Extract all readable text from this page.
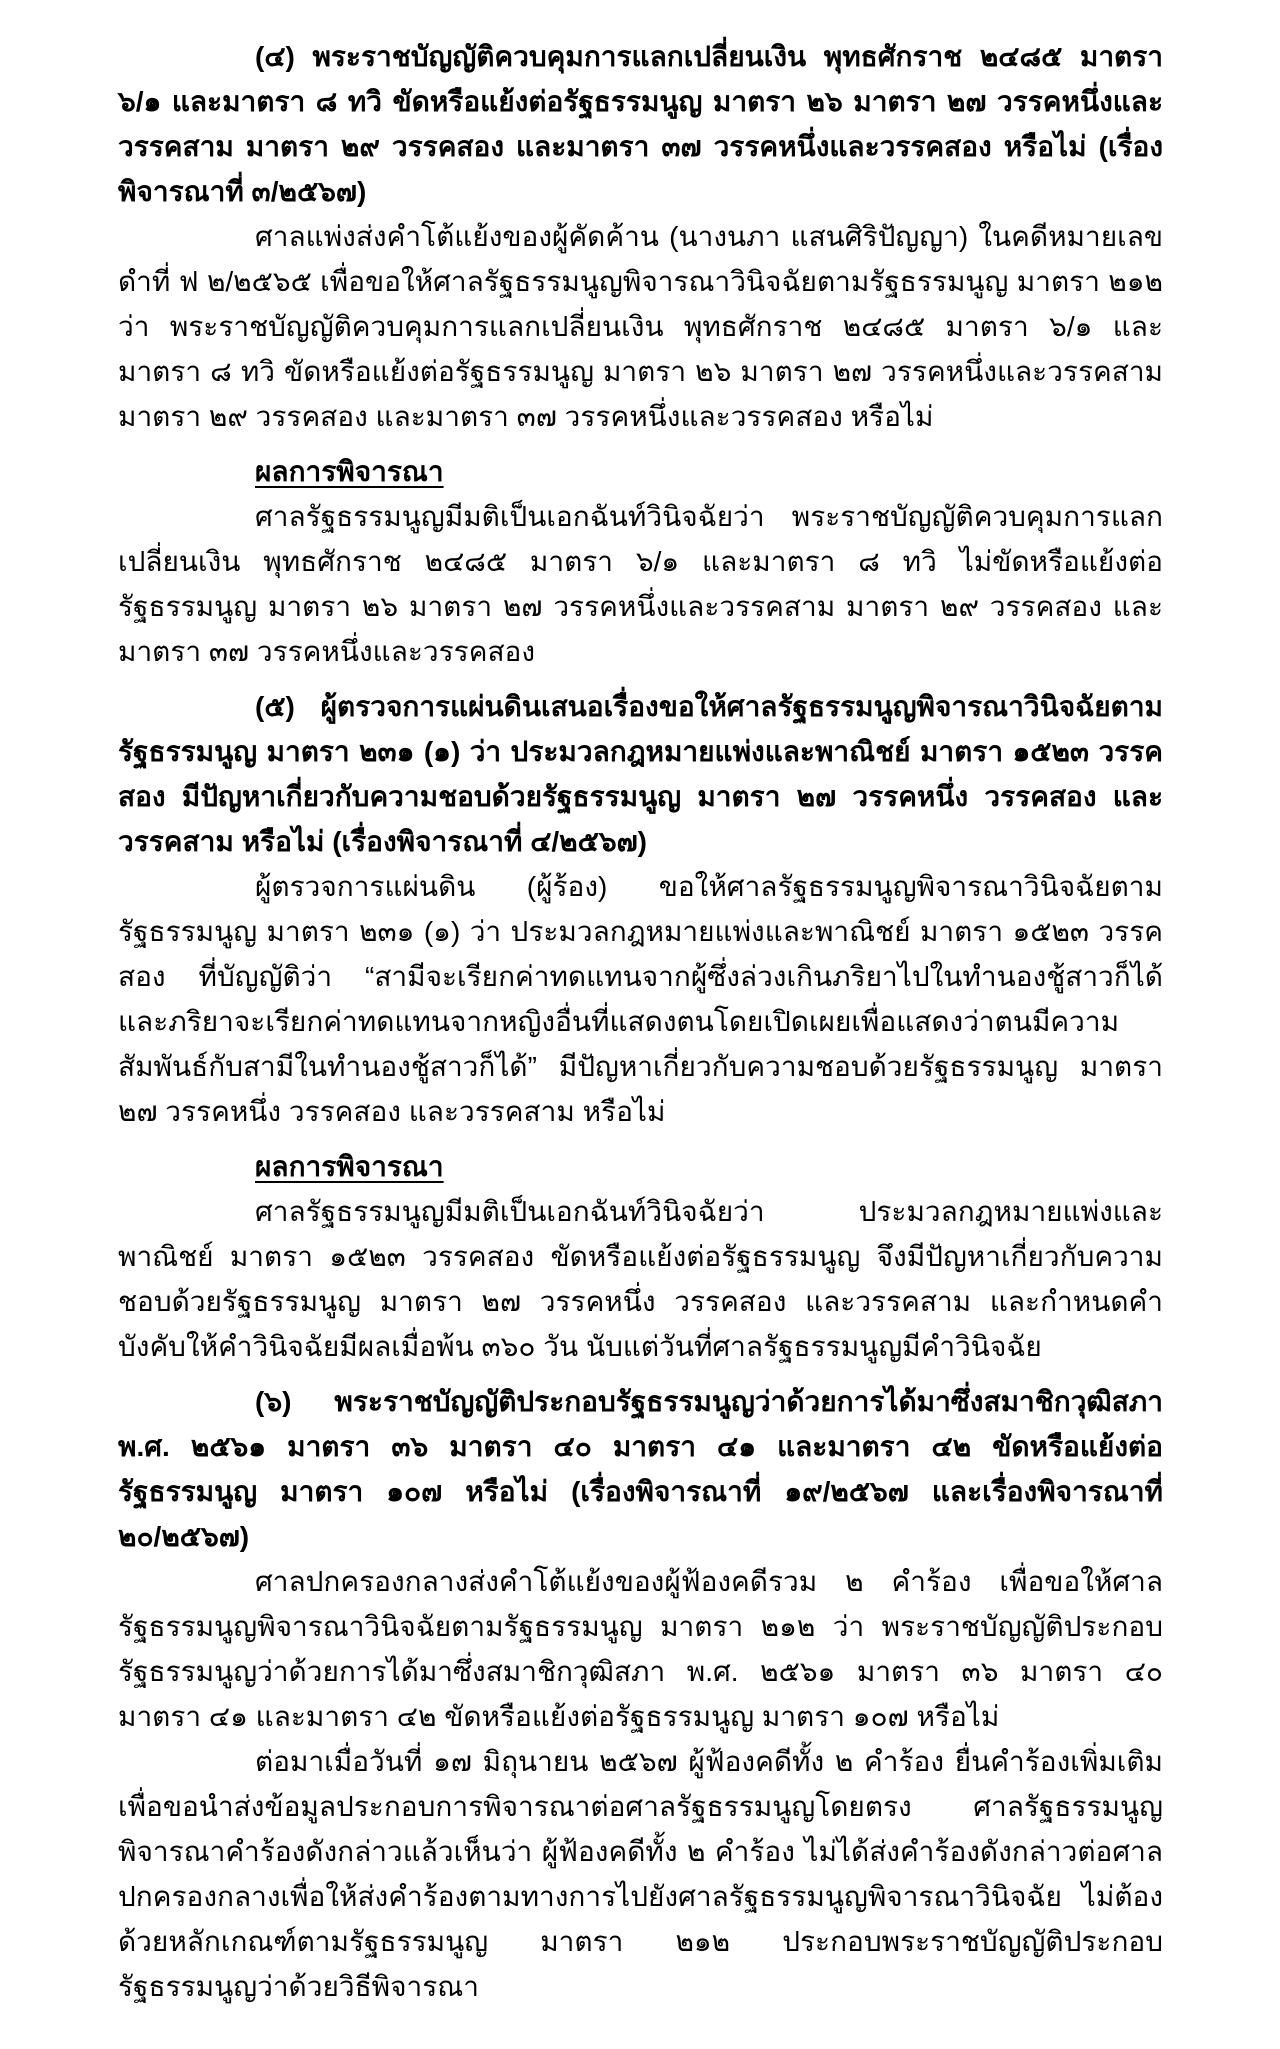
(๔) พระราชบัญญัติควบคุมการแลกเปลี่ยนเงิน พุทธศักราช ๒๔๘๕ มาตรา ๖/๑ และมาตรา ๘ ทวิ ขัดหรือแย้งต่อรัฐธรรมนูญ มาตรา ๒๖ มาตรา ๒๗ วรรคหนึ่งและวรรคสาม มาตรา ๒๙ วรรคสอง และมาตรา ๓๗ วรรคหนึ่งและวรรคสอง หรือไม่ (เรื่องพิจารณาที่ ๓/๒๕๖๗)

ศาลแพ่งส่งคำโต้แย้งของผู้คัดค้าน (นางนภา แสนศิริปัญญา) ในคดีหมายเลขดำที่ ฟ ๒/๒๕๖๕ เพื่อขอให้ศาลรัฐธรรมนูญพิจารณาวินิจฉัยตามรัฐธรรมนูญ มาตรา ๒๑๒ ว่า พระราชบัญญัติควบคุมการแลกเปลี่ยนเงิน พุทธศักราช ๒๔๘๕ มาตรา ๖/๑ และมาตรา ๘ ทวิ ขัดหรือแย้งต่อรัฐธรรมนูญ มาตรา ๒๖ มาตรา ๒๗ วรรคหนึ่งและวรรคสาม มาตรา ๒๙ วรรคสอง และมาตรา ๓๗ วรรคหนึ่งและวรรคสอง หรือไม่

ผลการพิจารณา

ศาลรัฐธรรมนูญมีมติเป็นเอกฉันท์วินิจฉัยว่า พระราชบัญญัติควบคุมการแลกเปลี่ยนเงิน พุทธศักราช ๒๔๘๕ มาตรา ๖/๑ และมาตรา ๘ ทวิ ไม่ขัดหรือแย้งต่อรัฐธรรมนูญ มาตรา ๒๖ มาตรา ๒๗ วรรคหนึ่งและวรรคสาม มาตรา ๒๙ วรรคสอง และมาตรา ๓๗ วรรคหนึ่งและวรรคสอง

(๕) ผู้ตรวจการแผ่นดินเสนอเรื่องขอให้ศาลรัฐธรรมนูญพิจารณาวินิจฉัยตามรัฐธรรมนูญ มาตรา ๒๓๑ (๑) ว่า ประมวลกฎหมายแพ่งและพาณิชย์ มาตรา ๑๕๒๓ วรรคสอง มีปัญหาเกี่ยวกับความชอบด้วยรัฐธรรมนูญ มาตรา ๒๗ วรรคหนึ่ง วรรคสอง และวรรคสาม หรือไม่ (เรื่องพิจารณาที่ ๔/๒๕๖๗)

ผู้ตรวจการแผ่นดิน (ผู้ร้อง) ขอให้ศาลรัฐธรรมนูญพิจารณาวินิจฉัยตามรัฐธรรมนูญ มาตรา ๒๓๑ (๑) ว่า ประมวลกฎหมายแพ่งและพาณิชย์ มาตรา ๑๕๒๓ วรรคสอง ที่บัญญัติว่า “สามีจะเรียกค่าทดแทนจากผู้ซึ่งล่วงเกินภริยาไปในทำนองชู้สาวก็ได้ และภริยาจะเรียกค่าทดแทนจากหญิงอื่นที่แสดงตนโดยเปิดเผยเพื่อแสดงว่าตนมีความสัมพันธ์กับสามีในทำนองชู้สาวก็ได้” มีปัญหาเกี่ยวกับความชอบด้วยรัฐธรรมนูญ มาตรา ๒๗ วรรคหนึ่ง วรรคสอง และวรรคสาม หรือไม่

ผลการพิจารณา

ศาลรัฐธรรมนูญมีมติเป็นเอกฉันท์วินิจฉัยว่า ประมวลกฎหมายแพ่งและพาณิชย์ มาตรา ๑๕๒๓ วรรคสอง ขัดหรือแย้งต่อรัฐธรรมนูญ จึงมีปัญหาเกี่ยวกับความชอบด้วยรัฐธรรมนูญ มาตรา ๒๗ วรรคหนึ่ง วรรคสอง และวรรคสาม และกำหนดคำบังคับให้คำวินิจฉัยมีผลเมื่อพ้น ๓๖๐ วัน นับแต่วันที่ศาลรัฐธรรมนูญมีคำวินิจฉัย

(๖) พระราชบัญญัติประกอบรัฐธรรมนูญว่าด้วยการได้มาซึ่งสมาชิกวุฒิสภา พ.ศ. ๒๕๖๑ มาตรา ๓๖ มาตรา ๔๐ มาตรา ๔๑ และมาตรา ๔๒ ขัดหรือแย้งต่อรัฐธรรมนูญ มาตรา ๑๐๗ หรือไม่ (เรื่องพิจารณาที่ ๑๙/๒๕๖๗ และเรื่องพิจารณาที่ ๒๐/๒๕๖๗)

ศาลปกครองกลางส่งคำโต้แย้งของผู้ฟ้องคดีรวม ๒ คำร้อง เพื่อขอให้ศาลรัฐธรรมนูญพิจารณาวินิจฉัยตามรัฐธรรมนูญ มาตรา ๒๑๒ ว่า พระราชบัญญัติประกอบรัฐธรรมนูญว่าด้วยการได้มาซึ่งสมาชิกวุฒิสภา พ.ศ. ๒๕๖๑ มาตรา ๓๖ มาตรา ๔๐ มาตรา ๔๑ และมาตรา ๔๒ ขัดหรือแย้งต่อรัฐธรรมนูญ มาตรา ๑๐๗ หรือไม่

ต่อมาเมื่อวันที่ ๑๗ มิถุนายน ๒๕๖๗ ผู้ฟ้องคดีทั้ง ๒ คำร้อง ยื่นคำร้องเพิ่มเติมเพื่อขอนำส่งข้อมูลประกอบการพิจารณาต่อศาลรัฐธรรมนูญโดยตรง ศาลรัฐธรรมนูญพิจารณาคำร้องดังกล่าวแล้วเห็นว่า ผู้ฟ้องคดีทั้ง ๒ คำร้อง ไม่ได้ส่งคำร้องดังกล่าวต่อศาลปกครองกลางเพื่อให้ส่งคำร้องตามทางการไปยังศาลรัฐธรรมนูญพิจารณาวินิจฉัย ไม่ต้องด้วยหลักเกณฑ์ตามรัฐธรรมนูญ มาตรา ๒๑๒ ประกอบพระราชบัญญัติประกอบรัฐธรรมนูญว่าด้วยวิธีพิจารณา
